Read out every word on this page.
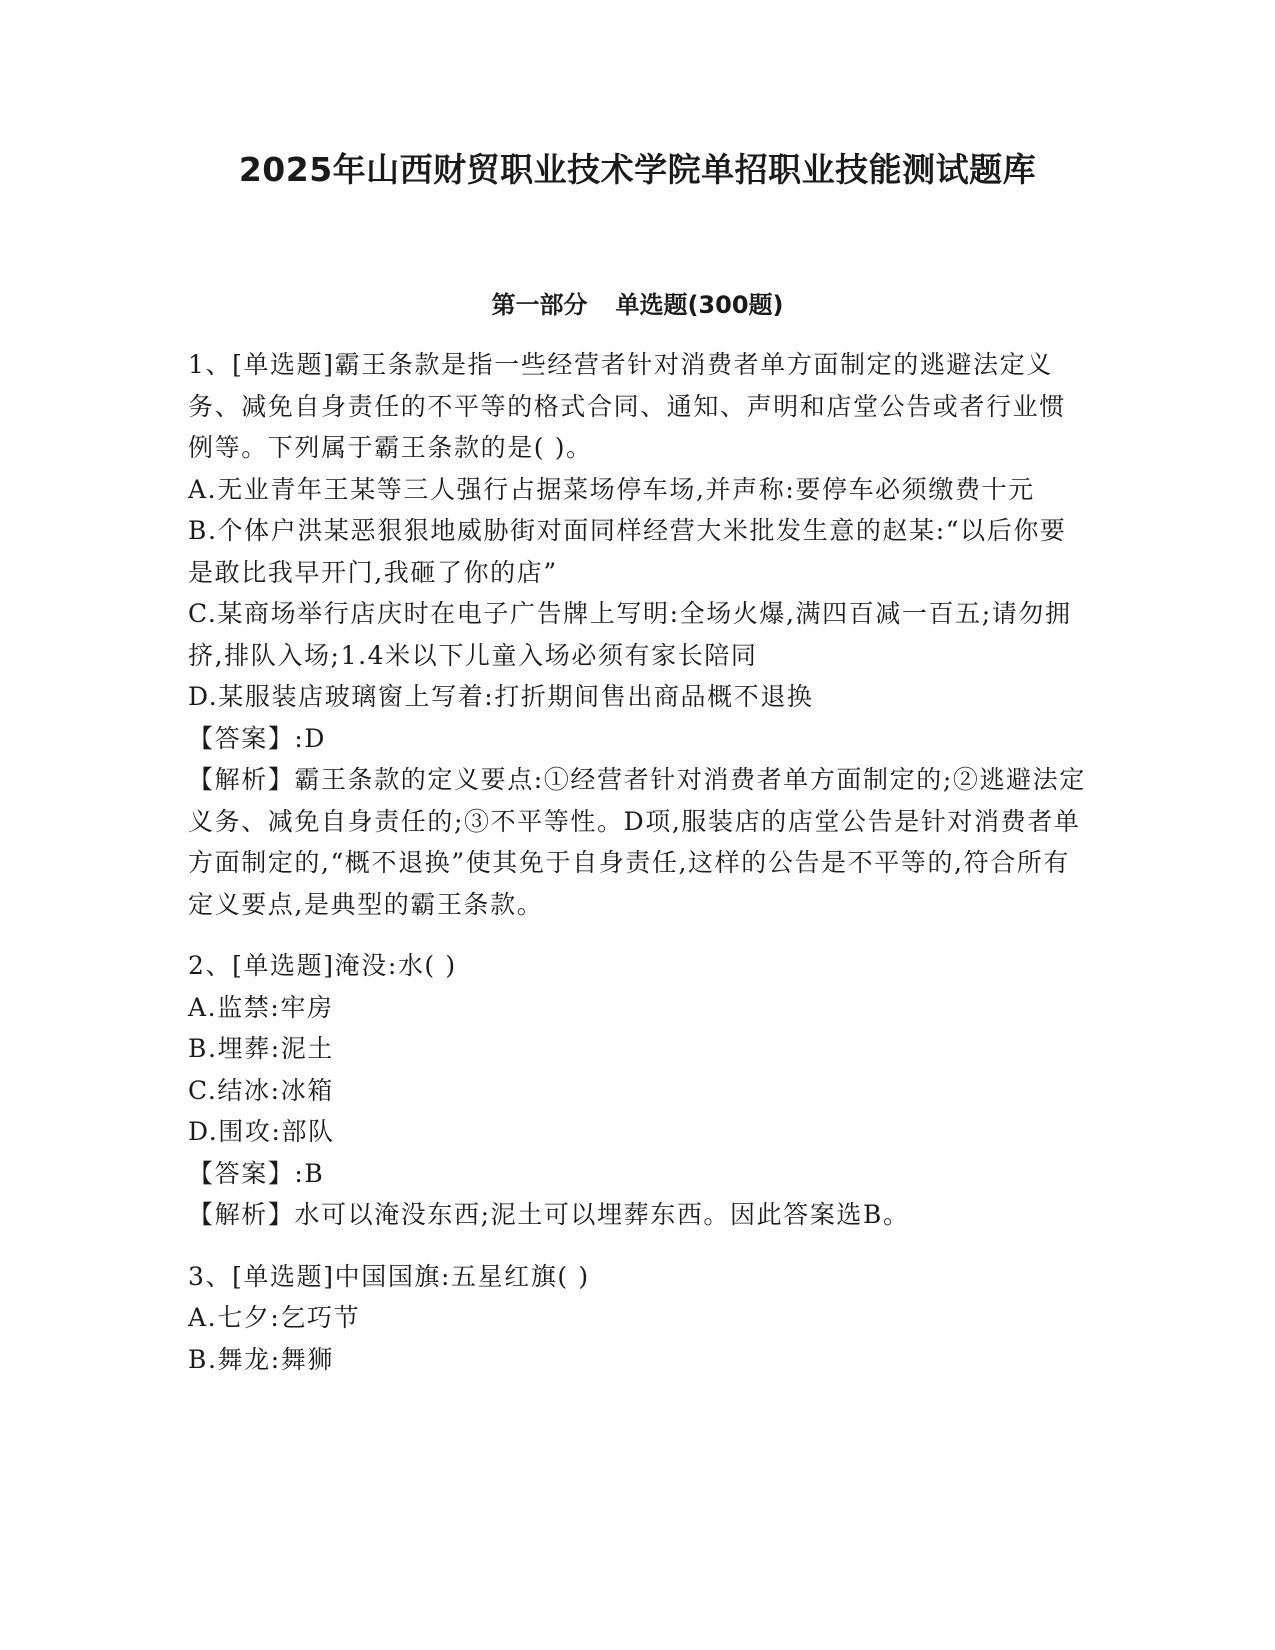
2025年山西财贸职业技术学院单招职业技能测试题库
第一部分 单选题(300题)

1、[单选题]霸王条款是指一些经营者针对消费者单方面制定的逃避法定义务、减免自身责任的不平等的格式合同、通知、声明和店堂公告或者行业惯例等。下列属于霸王条款的是( )。

A.无业青年王某等三人强行占据菜场停车场,并声称:要停车必须缴费十元

B.个体户洪某恶狠狠地威胁街对面同样经营大米批发生意的赵某:“以后你要是敢比我早开门,我砸了你的店”

C.某商场举行店庆时在电子广告牌上写明:全场火爆,满四百减一百五;请勿拥挤,排队入场;1.4米以下儿童入场必须有家长陪同

D.某服装店玻璃窗上写着:打折期间售出商品概不退换

【答案】:D

【解析】霸王条款的定义要点:①经营者针对消费者单方面制定的;②逃避法定义务、减免自身责任的;③不平等性。D项,服装店的店堂公告是针对消费者单方面制定的,“概不退换”使其免于自身责任,这样的公告是不平等的,符合所有定义要点,是典型的霸王条款。

2、[单选题]淹没:水( )

A.监禁:牢房

B.埋葬:泥土

C.结冰:冰箱

D.围攻:部队

【答案】:B

【解析】水可以淹没东西;泥土可以埋葬东西。因此答案选B。

3、[单选题]中国国旗:五星红旗( )

A.七夕:乞巧节

B.舞龙:舞狮
